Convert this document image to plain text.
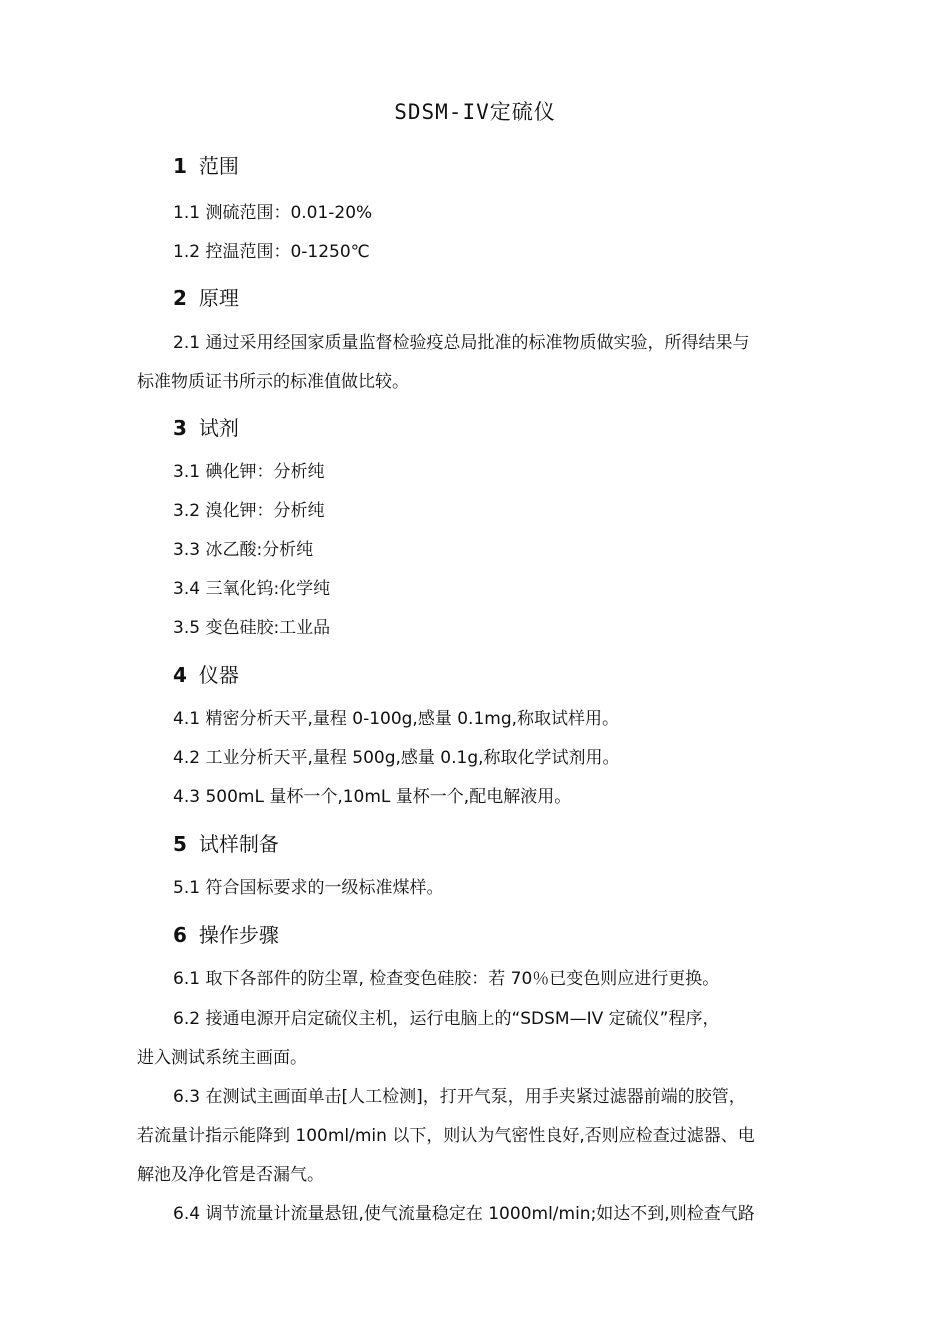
SDSM-IV定硫仪
1 范围
1.1 测硫范围：0.01-20%
1.2 控温范围：0-1250℃
2 原理
2.1 通过采用经国家质量监督检验疫总局批准的标准物质做实验，所得结果与
标准物质证书所示的标准值做比较。
3 试剂
3.1 碘化钾：分析纯
3.2 溴化钾：分析纯
3.3 冰乙酸:分析纯
3.4 三氧化钨:化学纯
3.5 变色硅胶:工业品
4 仪器
4.1 精密分析天平,量程 0-100g,感量 0.1mg,称取试样用。
4.2 工业分析天平,量程 500g,感量 0.1g,称取化学试剂用。
4.3 500mL 量杯一个,10mL 量杯一个,配电解液用。
5 试样制备
5.1 符合国标要求的一级标准煤样。
6 操作步骤
6.1 取下各部件的防尘罩, 检查变色硅胶：若 70％已变色则应进行更换。
6.2 接通电源开启定硫仪主机，运行电脑上的“SDSM—IV 定硫仪”程序，
进入测试系统主画面。
6.3 在测试主画面单击[人工检测]，打开气泵，用手夹紧过滤器前端的胶管，
若流量计指示能降到 100ml/min 以下，则认为气密性良好,否则应检查过滤器、电
解池及净化管是否漏气。
6.4 调节流量计流量悬钮,使气流量稳定在 1000ml/min;如达不到,则检查气路
